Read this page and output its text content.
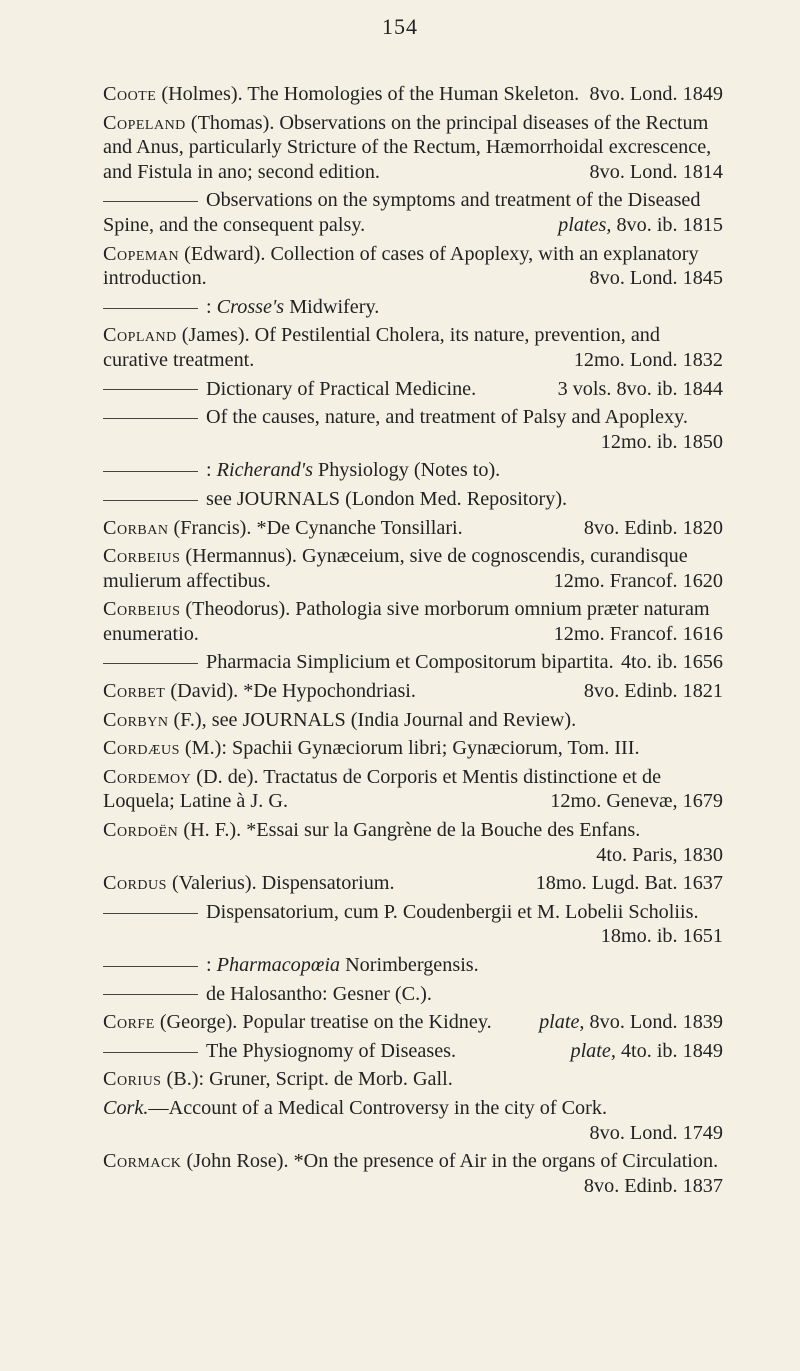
154
Coote (Holmes). The Homologies of the Human Skeleton. 8vo. Lond. 1849
Copeland (Thomas). Observations on the principal diseases of the Rectum and Anus, particularly Stricture of the Rectum, Hæmorrhoidal excrescence, and Fistula in ano; second edition.	8vo. Lond. 1814
Observations on the symptoms and treatment of the Diseased Spine, and the consequent palsy.	plates, 8vo. ib. 1815
Copeman (Edward). Collection of cases of Apoplexy, with an explanatory introduction.	8vo. Lond. 1845
: Crosse's Midwifery.
Copland (James). Of Pestilential Cholera, its nature, prevention, and curative treatment.	12mo. Lond. 1832
Dictionary of Practical Medicine.	3 vols. 8vo. ib. 1844
Of the causes, nature, and treatment of Palsy and Apoplexy.
12mo. ib. 1850
: Richerand's Physiology (Notes to).
see JOURNALS (London Med. Repository).
Corban (Francis). *De Cynanche Tonsillari.	8vo. Edinb. 1820
Corbeius (Hermannus). Gynæceium, sive de cognoscendis, curandisque mulierum affectibus.	12mo. Francof. 1620
Corbeius (Theodorus). Pathologia sive morborum omnium præter naturam enumeratio.	12mo. Francof. 1616
Pharmacia Simplicium et Compositorum bipartita. 4to. ib. 1656
Corbet (David). *De Hypochondriasi.	8vo. Edinb. 1821
Corbyn (F.), see JOURNALS (India Journal and Review).
Cordæus (M.): Spachii Gynæciorum libri; Gynæciorum, Tom. III.
Cordemoy (D. de). Tractatus de Corporis et Mentis distinctione et de Loquela; Latine à J. G.	12mo. Genevæ, 1679
Cordoën (H. F.). *Essai sur la Gangrène de la Bouche des Enfans.
4to. Paris, 1830
Cordus (Valerius). Dispensatorium.	18mo. Lugd. Bat. 1637
Dispensatorium, cum P. Coudenbergii et M. Lobelii Scholiis.
18mo. ib. 1651
: Pharmacopœia Norimbergensis.
de Halosantho: Gesner (C.).
Corfe (George). Popular treatise on the Kidney. plate, 8vo. Lond. 1839
The Physiognomy of Diseases.	plate, 4to. ib. 1849
Corius (B.): Gruner, Script. de Morb. Gall.
Cork.—Account of a Medical Controversy in the city of Cork.
8vo. Lond. 1749
Cormack (John Rose). *On the presence of Air in the organs of Circulation.
8vo. Edinb. 1837
